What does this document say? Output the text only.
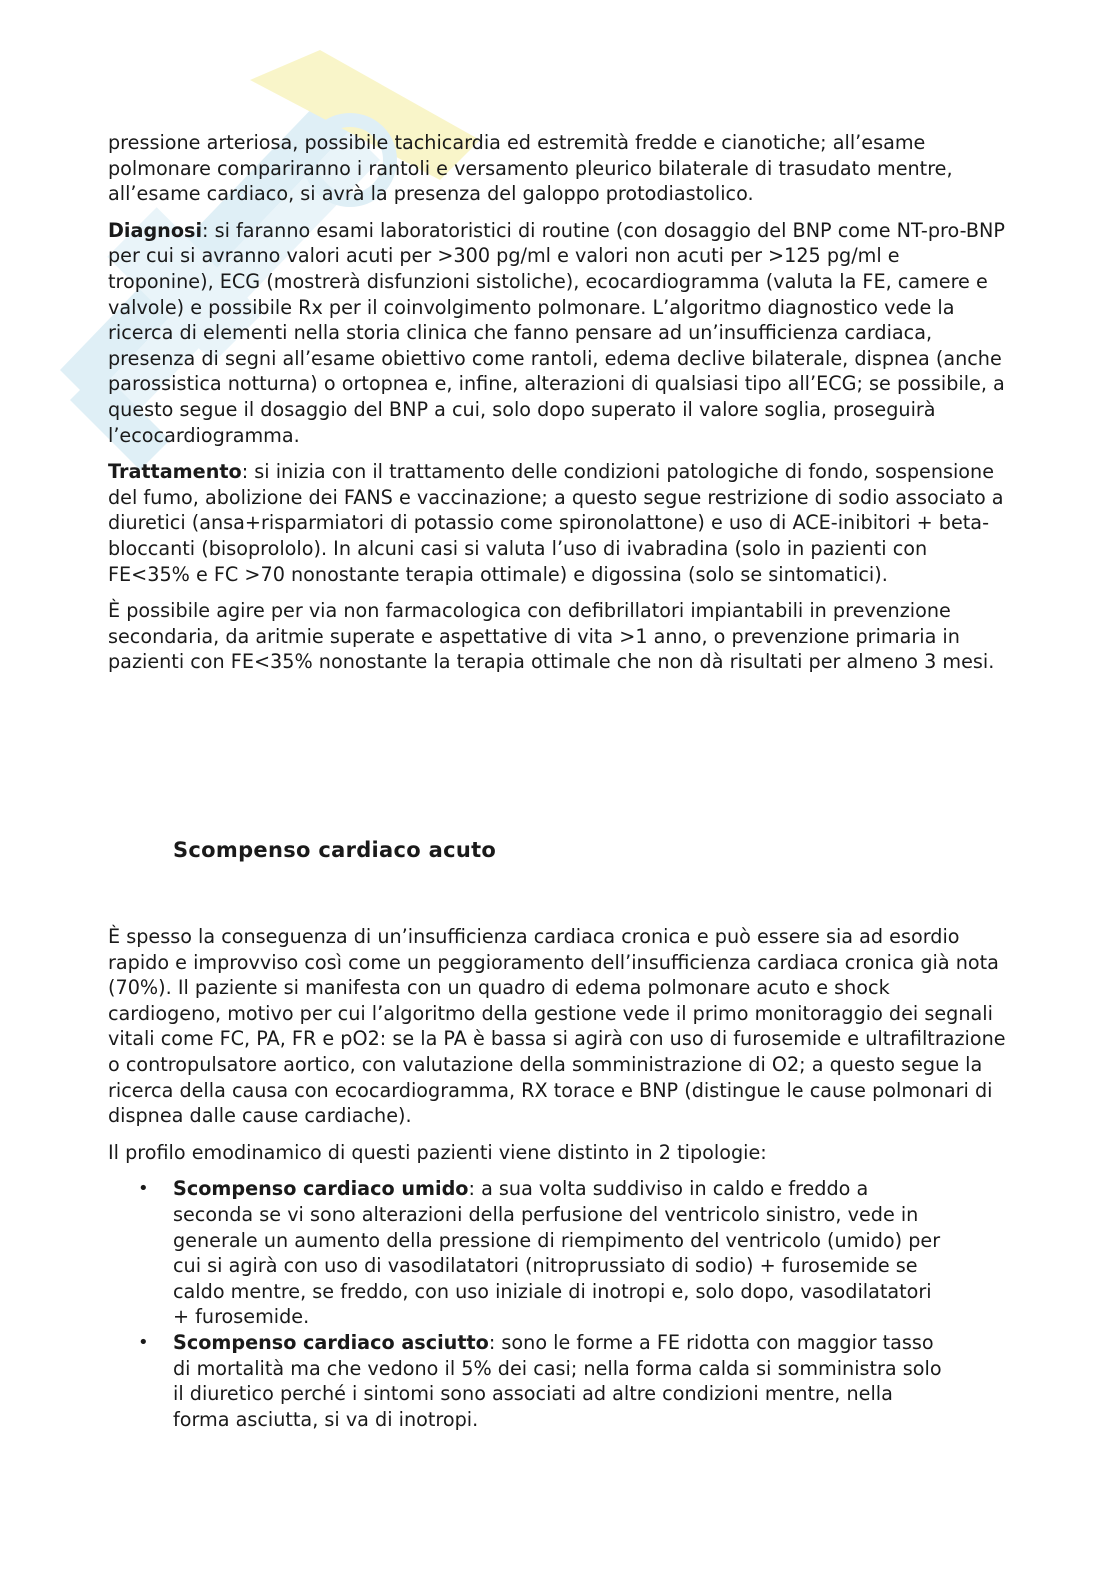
pressione arteriosa, possibile tachicardia ed estremità fredde e cianotiche; all’esame polmonare compariranno i rantoli e versamento pleurico bilaterale di trasudato mentre, all’esame cardiaco, si avrà la presenza del galoppo protodiastolico.

Diagnosi: si faranno esami laboratoristici di routine (con dosaggio del BNP come NT-pro-BNP per cui si avranno valori acuti per >300 pg/ml e valori non acuti per >125 pg/ml e troponine), ECG (mostrerà disfunzioni sistoliche), ecocardiogramma (valuta la FE, camere e valvole) e possibile Rx per il coinvolgimento polmonare. L’algoritmo diagnostico vede la ricerca di elementi nella storia clinica che fanno pensare ad un’insufficienza cardiaca, presenza di segni all’esame obiettivo come rantoli, edema declive bilaterale, dispnea (anche parossistica notturna) o ortopnea e, infine, alterazioni di qualsiasi tipo all’ECG; se possibile, a questo segue il dosaggio del BNP a cui, solo dopo superato il valore soglia, proseguirà l’ecocardiogramma.

Trattamento: si inizia con il trattamento delle condizioni patologiche di fondo, sospensione del fumo, abolizione dei FANS e vaccinazione; a questo segue restrizione di sodio associato a diuretici (ansa+risparmiatori di potassio come spironolattone) e uso di ACE-inibitori + beta-bloccanti (bisoprololo). In alcuni casi si valuta l’uso di ivabradina (solo in pazienti con FE<35% e FC >70 nonostante terapia ottimale) e digossina (solo se sintomatici).

È possibile agire per via non farmacologica con defibrillatori impiantabili in prevenzione secondaria, da aritmie superate e aspettative di vita >1 anno, o prevenzione primaria in pazienti con FE<35% nonostante la terapia ottimale che non dà risultati per almeno 3 mesi.

Scompenso cardiaco acuto

È spesso la conseguenza di un’insufficienza cardiaca cronica e può essere sia ad esordio rapido e improvviso così come un peggioramento dell’insufficienza cardiaca cronica già nota (70%). Il paziente si manifesta con un quadro di edema polmonare acuto e shock cardiogeno, motivo per cui l’algoritmo della gestione vede il primo monitoraggio dei segnali vitali come FC, PA, FR e pO2: se la PA è bassa si agirà con uso di furosemide e ultrafiltrazione o contropulsatore aortico, con valutazione della somministrazione di O2; a questo segue la ricerca della causa con ecocardiogramma, RX torace e BNP (distingue le cause polmonari di dispnea dalle cause cardiache).

Il profilo emodinamico di questi pazienti viene distinto in 2 tipologie:

• Scompenso cardiaco umido: a sua volta suddiviso in caldo e freddo a seconda se vi sono alterazioni della perfusione del ventricolo sinistro, vede in generale un aumento della pressione di riempimento del ventricolo (umido) per cui si agirà con uso di vasodilatatori (nitroprussiato di sodio) + furosemide se caldo mentre, se freddo, con uso iniziale di inotropi e, solo dopo, vasodilatatori + furosemide.
• Scompenso cardiaco asciutto: sono le forme a FE ridotta con maggior tasso di mortalità ma che vedono il 5% dei casi; nella forma calda si somministra solo il diuretico perché i sintomi sono associati ad altre condizioni mentre, nella forma asciutta, si va di inotropi.
